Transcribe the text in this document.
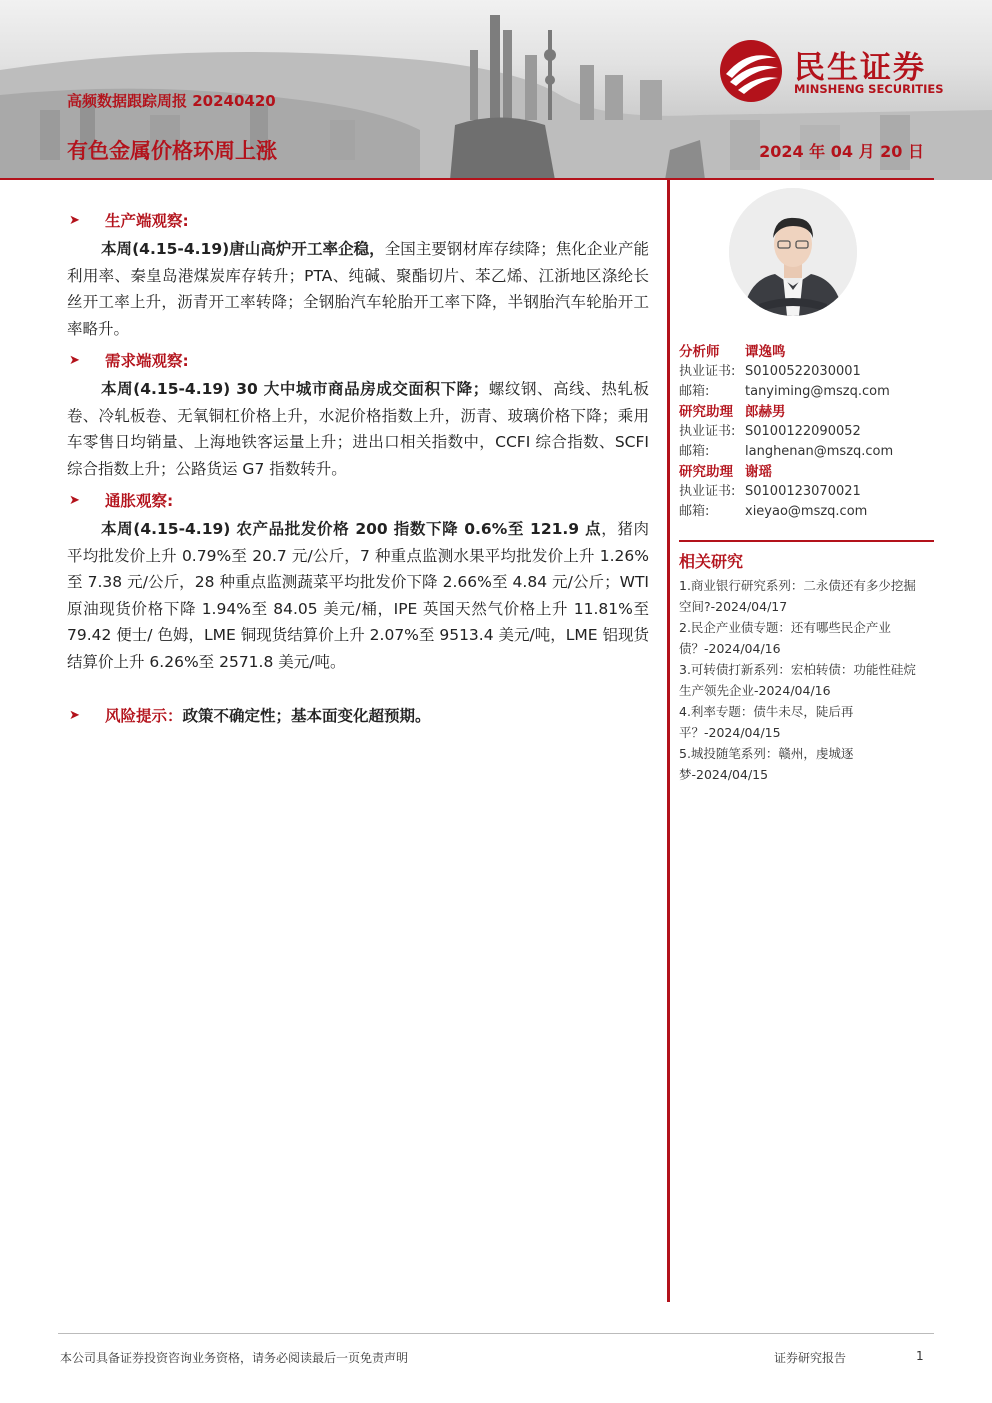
高频数据跟踪周报 20240420
有色金属价格环周上涨	2024 年 04 月 20 日
民生证券
MINSHENG SECURITIES
➤	生产端观察:

本周(4.15-4.19)唐山高炉开工率企稳，全国主要钢材库存续降；焦化企业产能利用率、秦皇岛港煤炭库存转升；PTA、纯碱、聚酯切片、苯乙烯、江浙地区涤纶长丝开工率上升，沥青开工率转降；全钢胎汽车轮胎开工率下降，半钢胎汽车轮胎开工率略升。

➤	需求端观察:

本周(4.15-4.19) 30 大中城市商品房成交面积下降；螺纹钢、高线、热轧板卷、冷轧板卷、无氧铜杠价格上升，水泥价格指数上升，沥青、玻璃价格下降；乘用车零售日均销量、上海地铁客运量上升；进出口相关指数中，CCFI 综合指数、SCFI 综合指数上升；公路货运 G7 指数转升。

➤	通胀观察:

本周(4.15-4.19) 农产品批发价格 200 指数下降 0.6%至 121.9 点，猪肉平均批发价上升 0.79%至 20.7 元/公斤，7 种重点监测水果平均批发价上升 1.26%至 7.38 元/公斤，28 种重点监测蔬菜平均批发价下降 2.66%至 4.84 元/公斤；WTI 原油现货价格下降 1.94%至 84.05 美元/桶，IPE 英国天然气价格上升 11.81%至 79.42 便士/ 色姆，LME 铜现货结算价上升 2.07%至 9513.4 美元/吨，LME 铝现货结算价上升 6.26%至 2571.8 美元/吨。

➤	风险提示： 政策不确定性；基本面变化超预期。
分析师	谭逸鸣
执业证书: S0100522030001
邮箱:	tanyiming@mszq.com
研究助理 郎赫男
执业证书: S0100122090052
邮箱:	langhenan@mszq.com
研究助理 谢瑶
执业证书: S0100123070021
邮箱:	xieyao@mszq.com
相关研究

1.商业银行研究系列：二永债还有多少挖掘空间?-2024/04/17

2.民企产业债专题：还有哪些民企产业债？-2024/04/16

3.可转债打新系列：宏柏转债：功能性硅烷生产领先企业-2024/04/16

4.利率专题：债牛未尽，陡后再平？-2024/04/15

5.城投随笔系列：赣州，虔城逐梦-2024/04/15

本公司具备证券投资咨询业务资格，请务必阅读最后一页免责声明	证券研究报告	1
